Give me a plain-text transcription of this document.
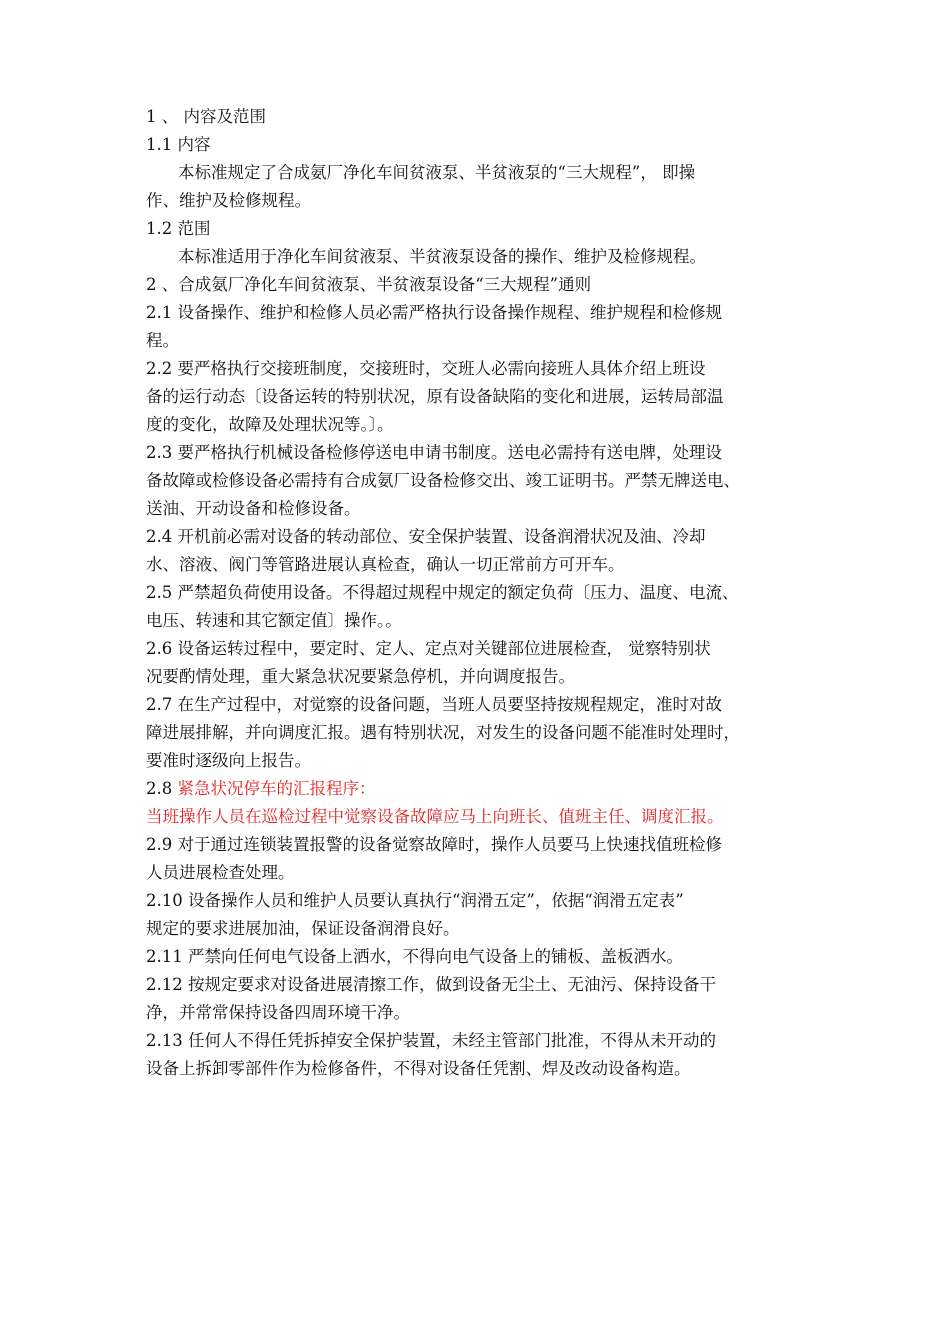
1 、 内容及范围
1.1 内容
本标准规定了合成氨厂净化车间贫液泵、半贫液泵的“三大规程”， 即操
作、维护及检修规程。
1.2 范围
本标准适用于净化车间贫液泵、半贫液泵设备的操作、维护及检修规程。
2 、合成氨厂净化车间贫液泵、半贫液泵设备“三大规程”通则
2.1 设备操作、维护和检修人员必需严格执行设备操作规程、维护规程和检修规
程。
2.2 要严格执行交接班制度，交接班时，交班人必需向接班人具体介绍上班设
备的运行动态〔设备运转的特别状况，原有设备缺陷的变化和进展，运转局部温
度的变化，故障及处理状况等。〕。
2.3 要严格执行机械设备检修停送电申请书制度。送电必需持有送电牌，处理设
备故障或检修设备必需持有合成氨厂设备检修交出、竣工证明书。严禁无牌送电、
送油、开动设备和检修设备。
2.4 开机前必需对设备的转动部位、安全保护装置、设备润滑状况及油、冷却
水、溶液、阀门等管路进展认真检查，确认一切正常前方可开车。
2.5 严禁超负荷使用设备。不得超过规程中规定的额定负荷〔压力、温度、电流、
电压、转速和其它额定值〕操作。。
2.6 设备运转过程中，要定时、定人、定点对关键部位进展检查， 觉察特别状
况要酌情处理，重大紧急状况要紧急停机，并向调度报告。
2.7 在生产过程中，对觉察的设备问题，当班人员要坚持按规程规定，准时对故
障进展排解，并向调度汇报。遇有特别状况，对发生的设备问题不能准时处理时，
要准时逐级向上报告。
2.8 紧急状况停车的汇报程序：
当班操作人员在巡检过程中觉察设备故障应马上向班长、值班主任、调度汇报。
2.9 对于通过连锁装置报警的设备觉察故障时，操作人员要马上快速找值班检修
人员进展检查处理。
2.10 设备操作人员和维护人员要认真执行“润滑五定”，依据“润滑五定表”
规定的要求进展加油，保证设备润滑良好。
2.11 严禁向任何电气设备上洒水，不得向电气设备上的铺板、盖板洒水。
2.12 按规定要求对设备进展清擦工作，做到设备无尘土、无油污、保持设备干
净，并常常保持设备四周环境干净。
2.13 任何人不得任凭拆掉安全保护装置，未经主管部门批准，不得从未开动的
设备上拆卸零部件作为检修备件，不得对设备任凭割、焊及改动设备构造。
